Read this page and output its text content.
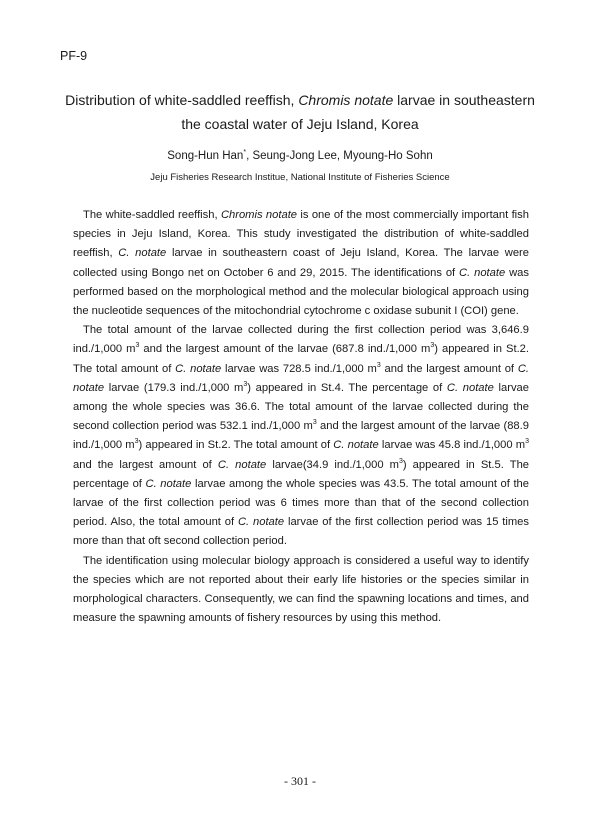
PF-9
Distribution of white-saddled reeffish, Chromis notate larvae in southeastern the coastal water of Jeju Island, Korea
Song-Hun Han*, Seung-Jong Lee, Myoung-Ho Sohn
Jeju Fisheries Research Institue, National Institute of Fisheries Science

The white-saddled reeffish, Chromis notate is one of the most commercially important fish species in Jeju Island, Korea. This study investigated the distribution of white-saddled reeffish, C. notate larvae in southeastern coast of Jeju Island, Korea. The larvae were collected using Bongo net on October 6 and 29, 2015. The identifications of C. notate was performed based on the morphological method and the molecular biological approach using the nucleotide sequences of the mitochondrial cytochrome c oxidase subunit I (COI) gene.

The total amount of the larvae collected during the first collection period was 3,646.9 ind./1,000 $m^3$ and the largest amount of the larvae (687.8 ind./1,000 $m^3$) appeared in St.2. The total amount of C. notate larvae was 728.5 ind./1,000 $m^3$ and the largest amount of C. notate larvae (179.3 ind./1,000 $m^3$) appeared in St.4. The percentage of C. notate larvae among the whole species was 36.6. The total amount of the larvae collected during the second collection period was 532.1 ind./1,000 $m^3$ and the largest amount of the larvae (88.9 ind./1,000 $m^3$) appeared in St.2. The total amount of C. notate larvae was 45.8 ind./1,000 $m^3$ and the largest amount of C. notate larvae(34.9 ind./1,000 $m^3$) appeared in St.5. The percentage of C. notate larvae among the whole species was 43.5. The total amount of the larvae of the first collection period was 6 times more than that of the second collection period. Also, the total amount of C. notate larvae of the first collection period was 15 times more than that oft second collection period.

The identification using molecular biology approach is considered a useful way to identify the species which are not reported about their early life histories or the species similar in morphological characters. Consequently, we can find the spawning locations and times, and measure the spawning amounts of fishery resources by using this method.

- 301 -
